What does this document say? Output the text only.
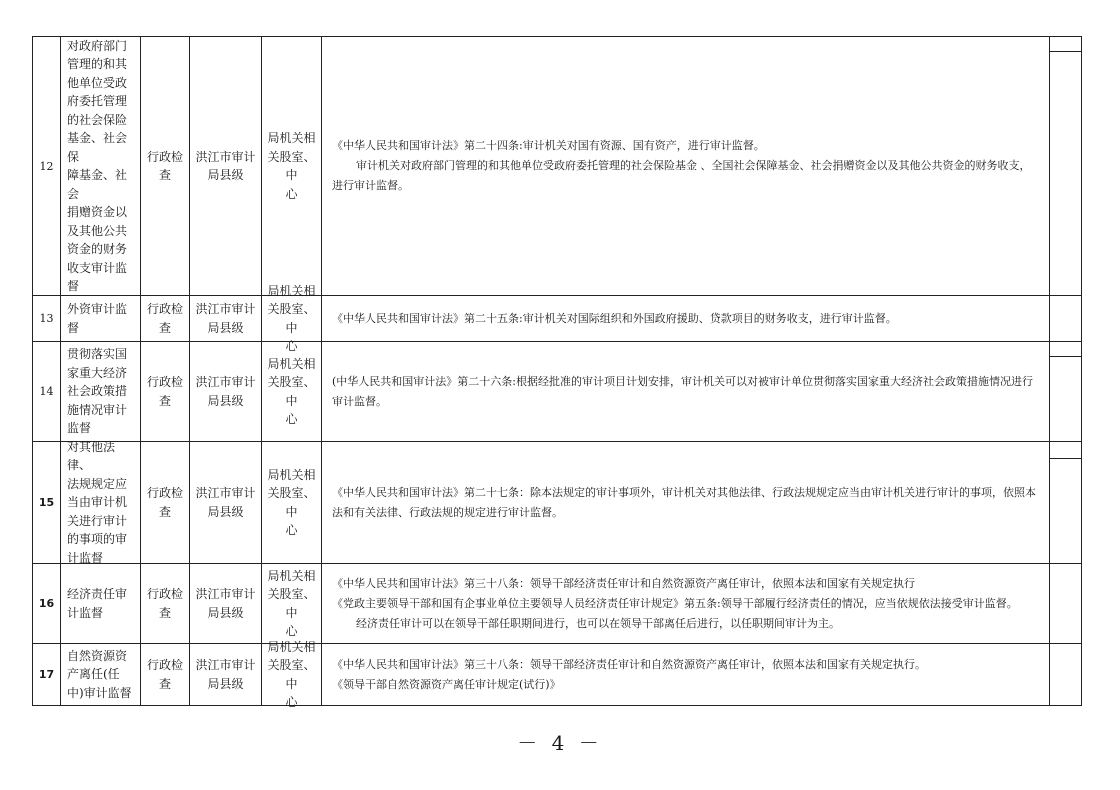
12
对政府部门
管理的和其
他单位受政
府委托管理
的社会保险
基金、社会保
障基金、社会
捐赠资金以
及其他公共
资金的财务
收支审计监
督
行政检
查
洪江市审计
局县级
局机关相
关股室、中
心

《中华人民共和国审计法》第二十四条:审计机关对国有资源、国有资产，进行审计监督。

审计机关对政府部门管理的和其他单位受政府委托管理的社会保险基金 、全国社会保障基金、社会捐赠资金以及其他公共资金的财务收支，进行审计监督。

13
外资审计监
督
行政检
查
洪江市审计
局县级
局机关相
关股室、中
心

《中华人民共和国审计法》第二十五条:审计机关对国际组织和外国政府援助、贷款项目的财务收支，进行审计监督。

14
贯彻落实国
家重大经济
社会政策措
施情况审计
监督
行政检
查
洪江市审计
局县级
局机关相
关股室、中
心

(中华人民共和国审计法》第二十六条:根据经批准的审计项目计划安排，审计机关可以对被审计单位贯彻落实国家重大经济社会政策措施情况进行审计监督。

15
对其他法律、
法规规定应
当由审计机
关进行审计
的事项的审
计监督
行政检
查
洪江市审计
局县级
局机关相
关股室、中
心

《中华人民共和国审计法》第二十七条：除本法规定的审计事项外，审计机关对其他法律、行政法规规定应当由审计机关进行审计的事项，依照本法和有关法律、行政法规的规定进行审计监督。

16
经济责任审
计监督
行政检
查
洪江市审计
局县级
局机关相
关股室、中
心

《中华人民共和国审计法》第三十八条：领导干部经济责任审计和自然资源资产离任审计，依照本法和国家有关规定执行

《党政主要领导干部和国有企事业单位主要领导人员经济责任审计规定》第五条:领导干部履行经济责任的情况，应当依规依法接受审计监督。

经济责任审计可以在领导干部任职期间进行，也可以在领导干部离任后进行，以任职期间审计为主。

17
自然资源资
产离任(任
中)审计监督
行政检
查
洪江市审计
局县级
局机关相
关股室、中
心

《中华人民共和国审计法》第三十八条：领导干部经济责任审计和自然资源资产离任审计，依照本法和国家有关规定执行。

《领导干部自然资源资产离任审计规定(试行)》

－ 4 －
